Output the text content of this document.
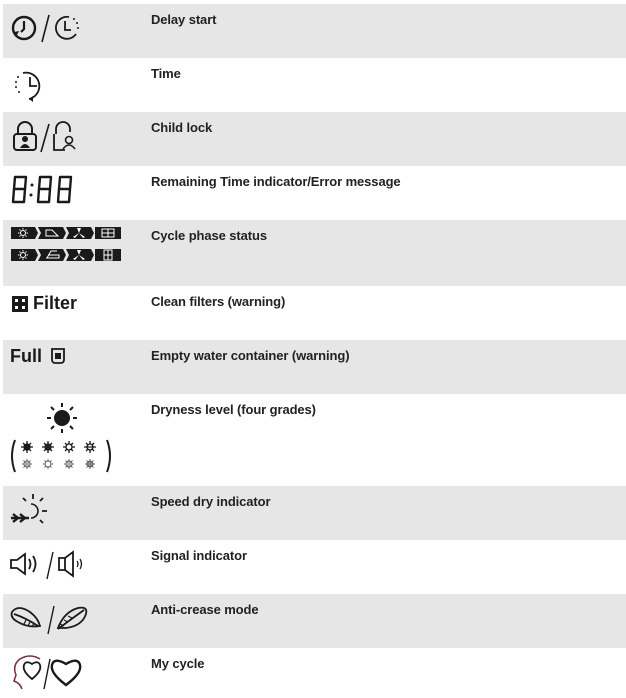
Delay start
Time
Child lock
Remaining Time indicator/Error message
Cycle phase status
Filter	Clean filters (warning)
Full	Empty water container (warning)
Dryness level (four grades)
Speed dry indicator
Signal indicator
Anti-crease mode
My cycle
